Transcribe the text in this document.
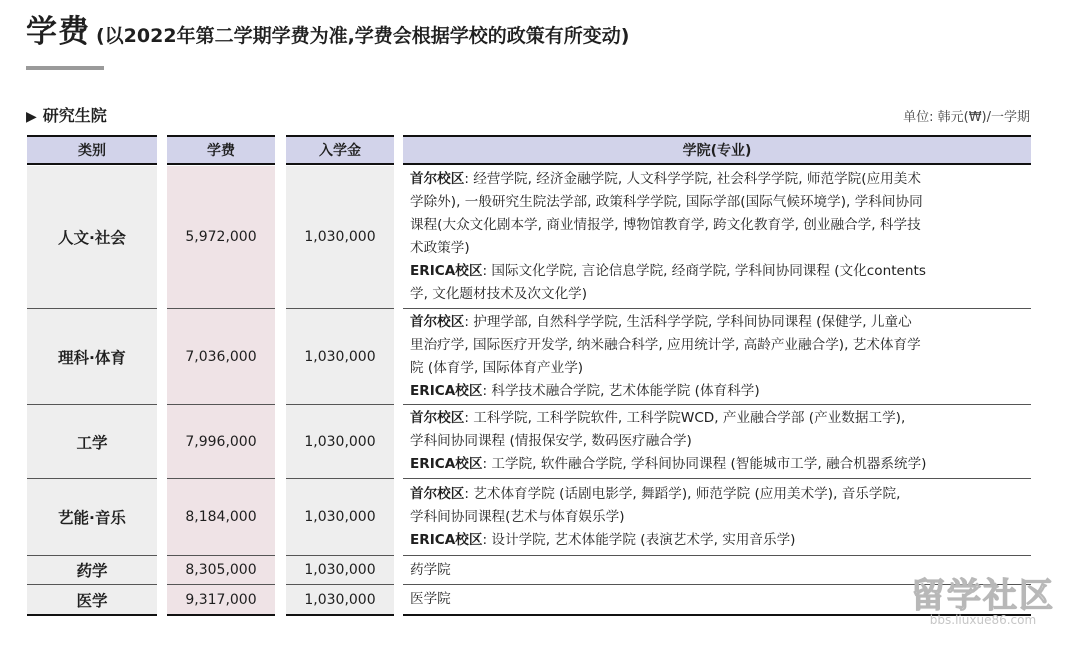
学费 (以2022年第二学期学费为准,学费会根据学校的政策有所变动)
▶ 研究生院	单位: 韩元(₩)/一学期
类别	学费	入学金	学院(专业)
人文·社会	5,972,000	1,030,000
首尔校区: 经营学院, 经济金融学院, 人文科学学院, 社会科学学院, 师范学院(应用美术
学除外), 一般研究生院法学部, 政策科学学院, 国际学部(国际气候环境学), 学科间协同
课程(大众文化剧本学, 商业情报学, 博物馆教育学, 跨文化教育学, 创业融合学, 科学技
术政策学)
ERICA校区: 国际文化学院, 言论信息学院, 经商学院, 学科间协同课程 (文化contents
学, 文化题材技术及次文化学)
理科·体育	7,036,000	1,030,000
首尔校区: 护理学部, 自然科学学院, 生活科学学院, 学科间协同课程 (保健学, 儿童心
里治疗学, 国际医疗开发学, 纳米融合科学, 应用统计学, 高龄产业融合学), 艺术体育学
院 (体育学, 国际体育产业学)
ERICA校区: 科学技术融合学院, 艺术体能学院 (体育科学)
工学	7,996,000	1,030,000
首尔校区: 工科学院, 工科学院软件, 工科学院WCD, 产业融合学部 (产业数据工学),
学科间协同课程 (情报保安学, 数码医疗融合学)
ERICA校区: 工学院, 软件融合学院, 学科间协同课程 (智能城市工学, 融合机器系统学)
艺能·音乐	8,184,000	1,030,000
首尔校区: 艺术体育学院 (话剧电影学, 舞蹈学), 师范学院 (应用美术学), 音乐学院,
学科间协同课程(艺术与体育娱乐学)
ERICA校区: 设计学院, 艺术体能学院 (表演艺术学, 实用音乐学)
药学	8,305,000	1,030,000	药学院
医学	9,317,000	1,030,000	医学院	留学社区
bbs.liuxue86.com
